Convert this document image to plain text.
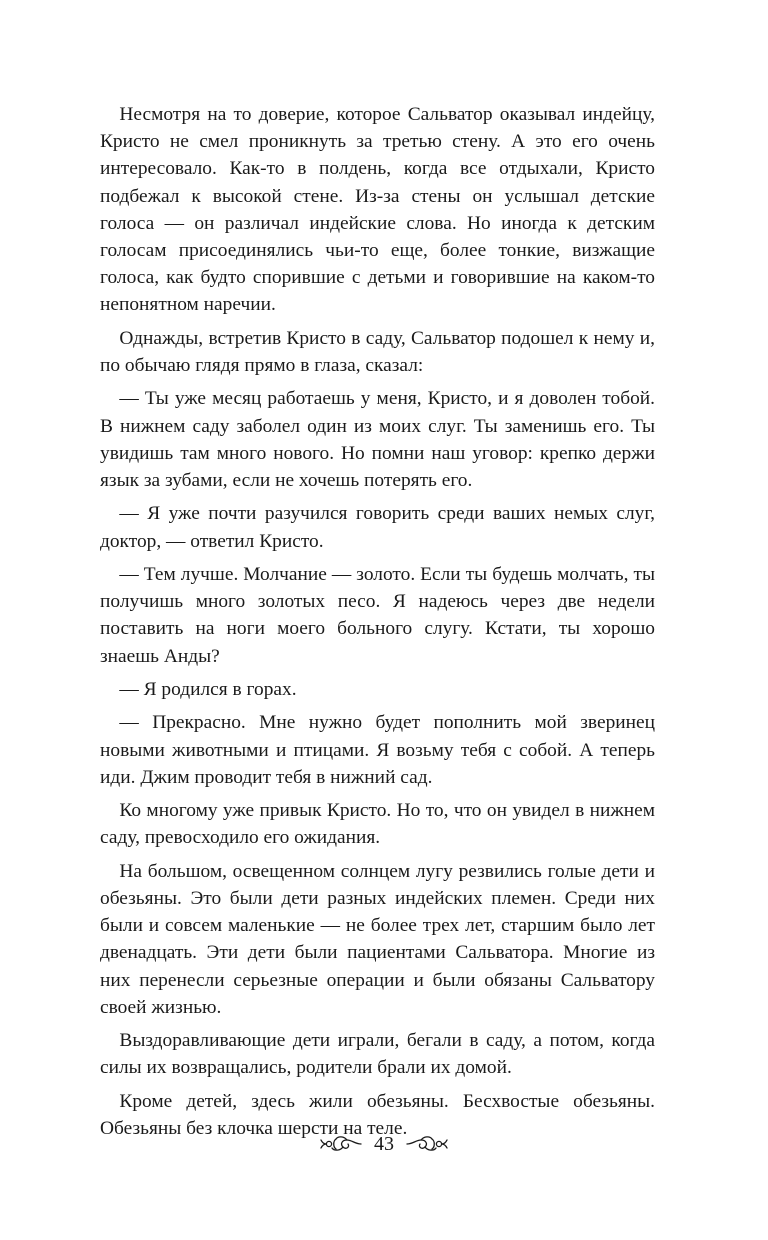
Несмотря на то доверие, которое Сальватор оказывал индейцу, Кристо не смел проникнуть за третью стену. А это его очень интересовало. Как-то в полдень, когда все отдыхали, Кристо подбежал к высокой стене. Из-за стены он услышал детские голоса — он различал индейские слова. Но иногда к детским голосам присоединялись чьи-то еще, более тонкие, визжащие голоса, как будто спорившие с детьми и говорившие на каком-то непонятном наречии.

Однажды, встретив Кристо в саду, Сальватор подошел к нему и, по обычаю глядя прямо в глаза, сказал:

— Ты уже месяц работаешь у меня, Кристо, и я доволен тобой. В нижнем саду заболел один из моих слуг. Ты заменишь его. Ты увидишь там много нового. Но помни наш уговор: крепко держи язык за зубами, если не хочешь потерять его.

— Я уже почти разучился говорить среди ваших немых слуг, доктор, — ответил Кристо.

— Тем лучше. Молчание — золото. Если ты будешь молчать, ты получишь много золотых песо. Я надеюсь через две недели поставить на ноги моего больного слугу. Кстати, ты хорошо знаешь Анды?

— Я родился в горах.

— Прекрасно. Мне нужно будет пополнить мой зверинец новыми животными и птицами. Я возьму тебя с собой. А теперь иди. Джим проводит тебя в нижний сад.

Ко многому уже привык Кристо. Но то, что он увидел в нижнем саду, превосходило его ожидания.

На большом, освещенном солнцем лугу резвились голые дети и обезьяны. Это были дети разных индейских племен. Среди них были и совсем маленькие — не более трех лет, старшим было лет двенадцать. Эти дети были пациентами Сальватора. Многие из них перенесли серьезные операции и были обязаны Сальватору своей жизнью.

Выздоравливающие дети играли, бегали в саду, а потом, когда силы их возвращались, родители брали их домой.

Кроме детей, здесь жили обезьяны. Бесхвостые обезьяны. Обезьяны без клочка шерсти на теле.

43
